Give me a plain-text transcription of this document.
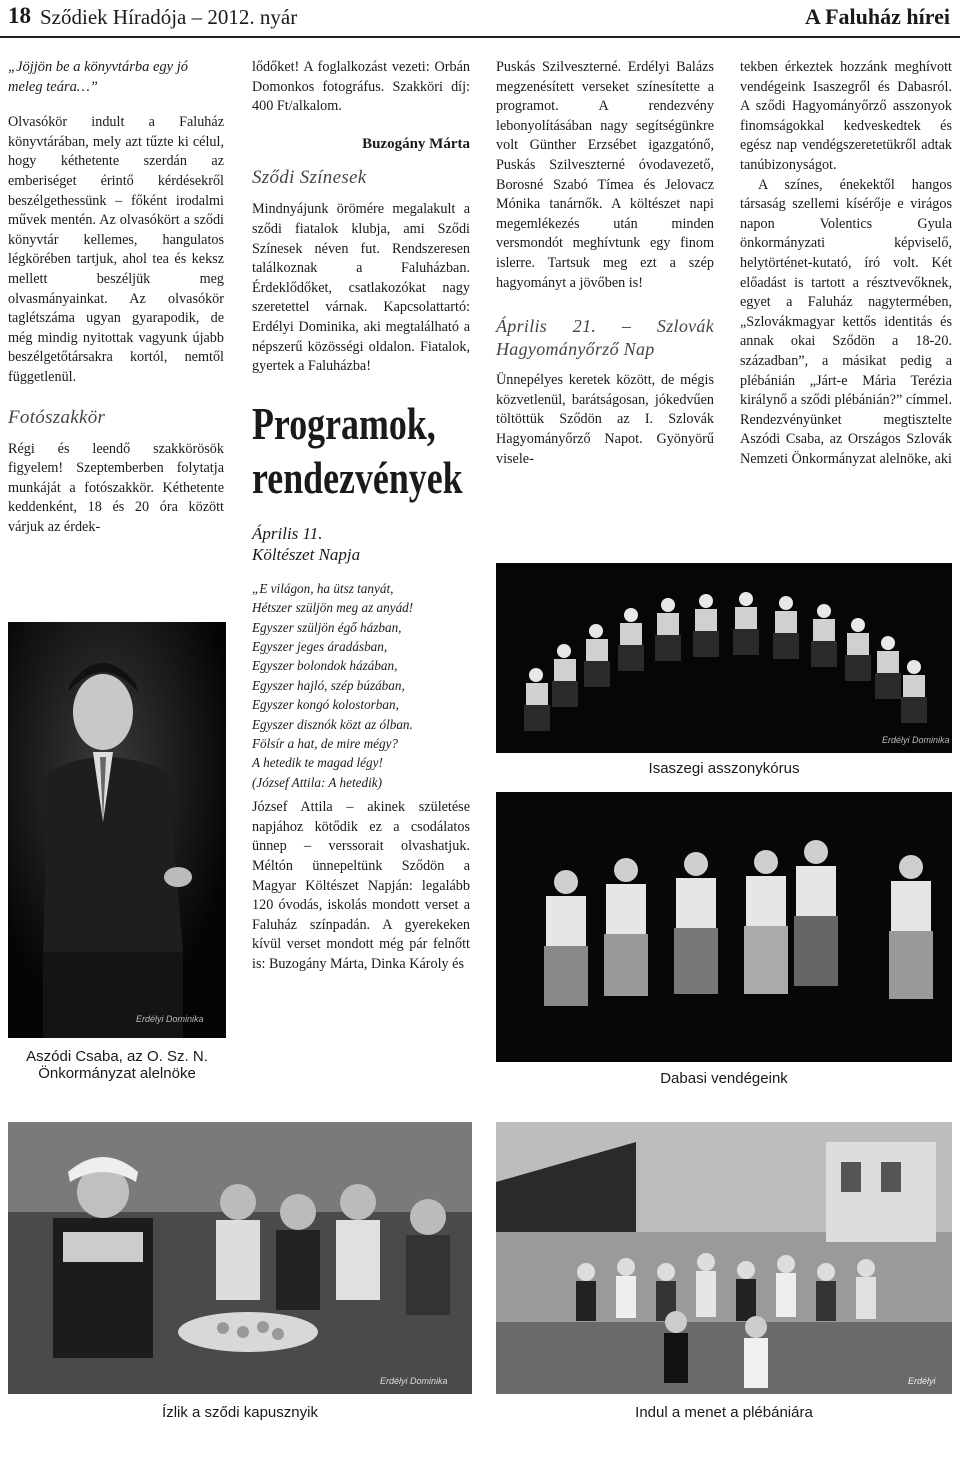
18 Sződiek Híradója – 2012. nyár	A Faluház hírei

„Jöjjön be a könyvtárba egy jó meleg teára…”

Olvasókör indult a Faluház könyvtárában, mely azt tűzte ki célul, hogy kéthetente szerdán az emberiséget érintő kérdésekről beszélgethessünk – főként irodalmi művek mentén. Az olvasókört a sződi könyvtár kellemes, hangulatos légkörében tartjuk, ahol tea és keksz mellett beszéljük meg olvasmányainkat. Az olvasókör taglétszáma ugyan gyarapodik, de még mindig nyitottak vagyunk újabb beszélgetőtársakra kortól, nemtől függetlenül.

Fotószakkör

Régi és leendő szakkörösök figyelem! Szeptemberben folytatja munkáját a fotószakkör. Kéthetente keddenként, 18 és 20 óra között várjuk az érdek-

Erdélyi Dominika
Aszódi Csaba, az O. Sz. N. Önkormányzat alelnöke

lődőket! A foglalkozást vezeti: Orbán Domonkos fotográfus. Szakköri díj: 400 Ft/alkalom.

Buzogány Márta
Sződi Színesek

Mindnyájunk örömére megalakult a sződi fiatalok klubja, ami Sződi Színesek néven fut. Rendszeresen találkoznak a Faluházban. Érdeklődőket, csatlakozókat nagy szeretettel várnak. Kapcsolattartó: Erdélyi Dominika, aki megtalálható a népszerű közösségi oldalon. Fiatalok, gyertek a Faluházba!

Programok,
rendezvények
Április 11.
Költészet Napja
„E világon, ha ütsz tanyát,
Hétszer szüljön meg az anyád!
Egyszer szüljön égő házban,
Egyszer jeges áradásban,
Egyszer bolondok házában,
Egyszer hajló, szép búzában,
Egyszer kongó kolostorban,
Egyszer disznók közt az ólban.
Fölsír a hat, de mire mégy?
A hetedik te magad légy!
(József Attila: A hetedik)

József Attila – akinek születése napjához kötődik ez a csodálatos ünnep – verssorait olvashatjuk. Méltón ünnepeltünk Sződön a Magyar Költészet Napján: legalább 120 óvodás, iskolás mondott verset a Faluház színpadán. A gyerekeken kívül verset mondott még pár felnőtt is: Buzogány Márta, Dinka Károly és

Puskás Szilveszterné. Erdélyi Balázs megzenésített verseket színesítette a programot. A rendezvény lebonyolításában nagy segítségünkre volt Günther Erzsébet igazgatónő, Puskás Szilveszterné óvodavezető, Borosné Szabó Tímea és Jelovacz Mónika tanárnők. A költészet napi megemlékezés után minden versmondót meghívtunk egy finom islerre. Tartsuk meg ezt a szép hagyományt a jövőben is!

Április 21. – Szlovák Hagyományőrző Nap

Ünnepélyes keretek között, de mégis közvetlenül, barátságosan, jókedvűen töltöttük Sződön az I. Szlovák Hagyományőrző Napot. Gyönyörű visele-

tekben érkeztek hozzánk meghívott vendégeink Isaszegről és Dabasról. A sződi Hagyományőrző asszonyok finomságokkal kedveskedtek és egész nap vendégszeretetükről adtak tanúbizonyságot.

A színes, énekektől hangos társaság szellemi kísérője e virágos napon Volentics Gyula önkormányzati képviselő, helytörténet-kutató, író volt. Két előadást is tartott a résztvevőknek, egyet a Faluház nagytermében, „Szlovákmagyar kettős identitás és annak okai Sződön a 18-20. században”, a másikat pedig a plébánián „Járt-e Mária Terézia királynő a sződi plébánián?” címmel. Rendezvényünket megtisztelte Aszódi Csaba, az Országos Szlovák Nemzeti Önkormányzat alelnöke, aki

Erdélyi Dominika
Isaszegi asszonykórus
Dabasi vendégeink
Erdélyi Dominika
Ízlik a sződi kapusznyik
Erdélyi
Indul a menet a plébániára
